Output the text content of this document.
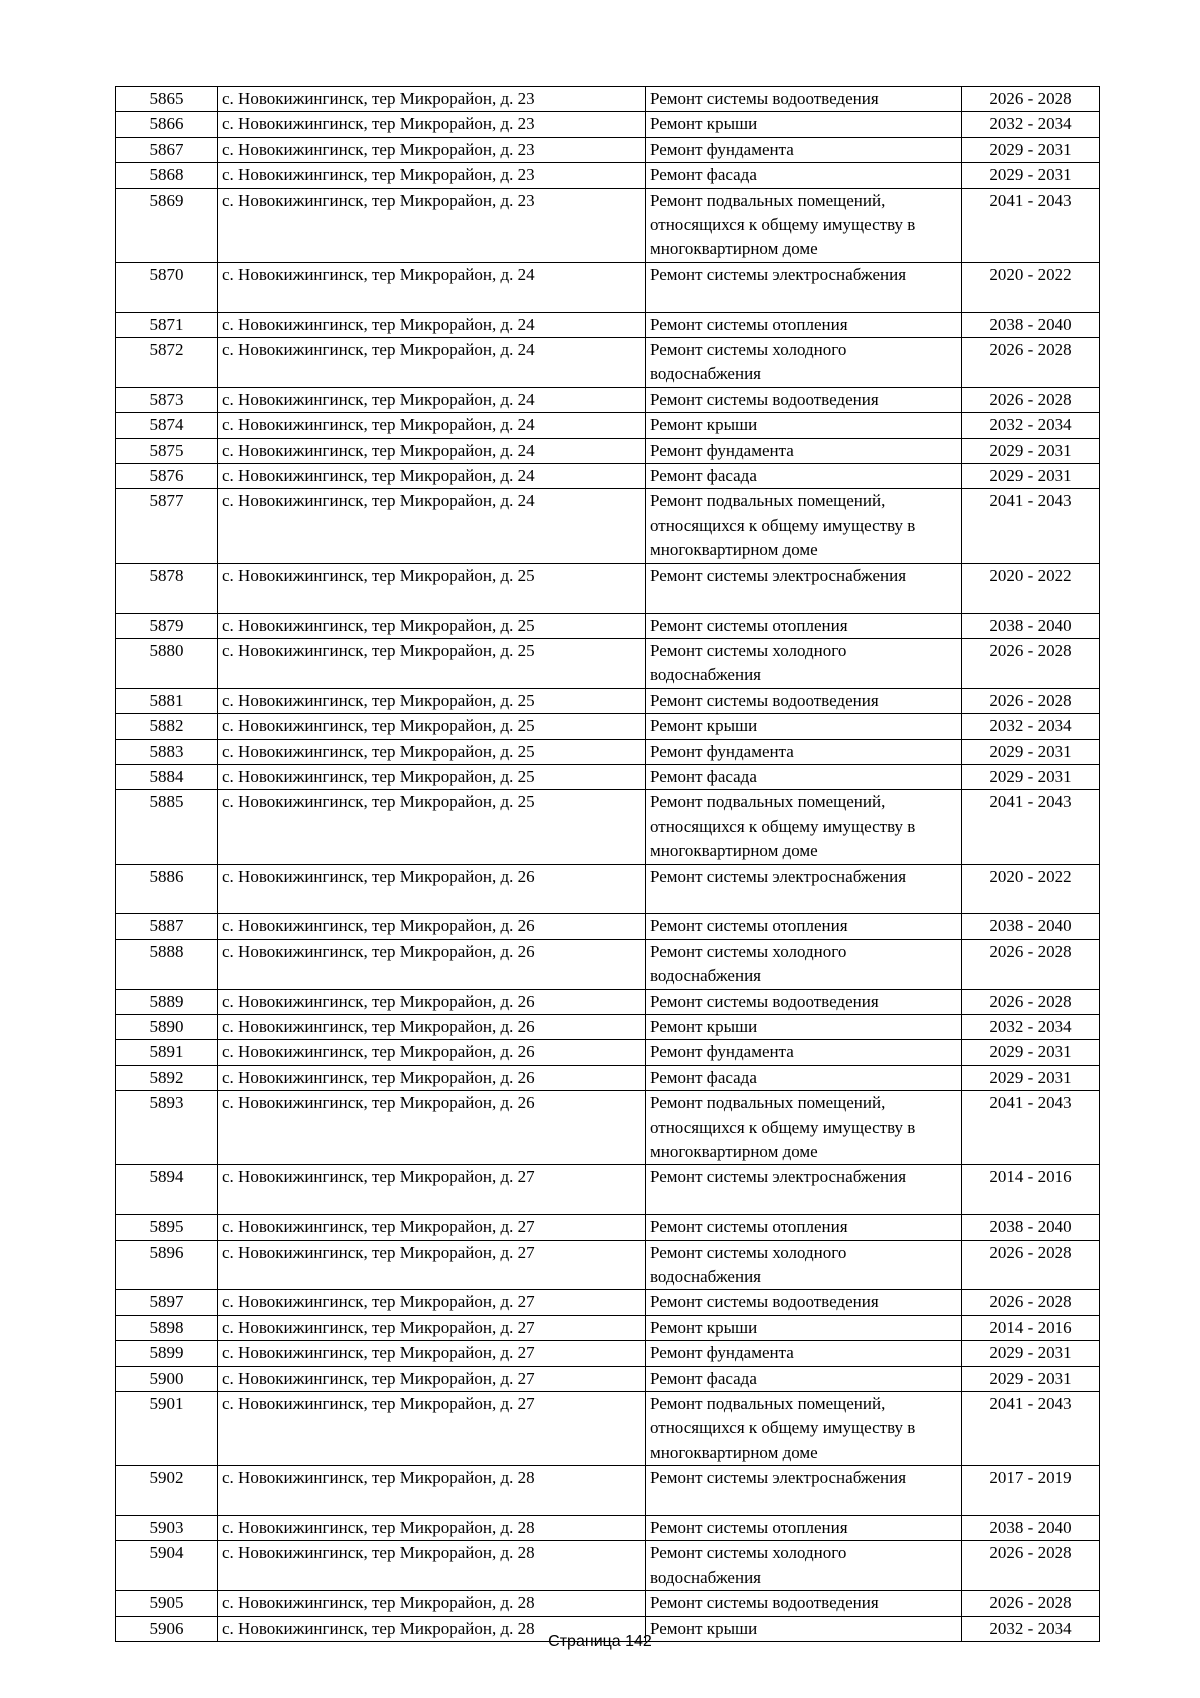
5865	с. Новокижингинск, тер Микрорайон, д. 23	Ремонт системы водоотведения	2026 - 2028
5866	с. Новокижингинск, тер Микрорайон, д. 23	Ремонт крыши	2032 - 2034
5867	с. Новокижингинск, тер Микрорайон, д. 23	Ремонт фундамента	2029 - 2031
5868	с. Новокижингинск, тер Микрорайон, д. 23	Ремонт фасада	2029 - 2031
5869	с. Новокижингинск, тер Микрорайон, д. 23	Ремонт подвальных помещений, относящихся к общему имуществу в многоквартирном доме	2041 - 2043
5870	с. Новокижингинск, тер Микрорайон, д. 24	Ремонт системы электроснабжения	2020 - 2022
5871	с. Новокижингинск, тер Микрорайон, д. 24	Ремонт системы отопления	2038 - 2040
5872	с. Новокижингинск, тер Микрорайон, д. 24	Ремонт системы холодного водоснабжения	2026 - 2028
5873	с. Новокижингинск, тер Микрорайон, д. 24	Ремонт системы водоотведения	2026 - 2028
5874	с. Новокижингинск, тер Микрорайон, д. 24	Ремонт крыши	2032 - 2034
5875	с. Новокижингинск, тер Микрорайон, д. 24	Ремонт фундамента	2029 - 2031
5876	с. Новокижингинск, тер Микрорайон, д. 24	Ремонт фасада	2029 - 2031
5877	с. Новокижингинск, тер Микрорайон, д. 24	Ремонт подвальных помещений, относящихся к общему имуществу в многоквартирном доме	2041 - 2043
5878	с. Новокижингинск, тер Микрорайон, д. 25	Ремонт системы электроснабжения	2020 - 2022
5879	с. Новокижингинск, тер Микрорайон, д. 25	Ремонт системы отопления	2038 - 2040
5880	с. Новокижингинск, тер Микрорайон, д. 25	Ремонт системы холодного водоснабжения	2026 - 2028
5881	с. Новокижингинск, тер Микрорайон, д. 25	Ремонт системы водоотведения	2026 - 2028
5882	с. Новокижингинск, тер Микрорайон, д. 25	Ремонт крыши	2032 - 2034
5883	с. Новокижингинск, тер Микрорайон, д. 25	Ремонт фундамента	2029 - 2031
5884	с. Новокижингинск, тер Микрорайон, д. 25	Ремонт фасада	2029 - 2031
5885	с. Новокижингинск, тер Микрорайон, д. 25	Ремонт подвальных помещений, относящихся к общему имуществу в многоквартирном доме	2041 - 2043
5886	с. Новокижингинск, тер Микрорайон, д. 26	Ремонт системы электроснабжения	2020 - 2022
5887	с. Новокижингинск, тер Микрорайон, д. 26	Ремонт системы отопления	2038 - 2040
5888	с. Новокижингинск, тер Микрорайон, д. 26	Ремонт системы холодного водоснабжения	2026 - 2028
5889	с. Новокижингинск, тер Микрорайон, д. 26	Ремонт системы водоотведения	2026 - 2028
5890	с. Новокижингинск, тер Микрорайон, д. 26	Ремонт крыши	2032 - 2034
5891	с. Новокижингинск, тер Микрорайон, д. 26	Ремонт фундамента	2029 - 2031
5892	с. Новокижингинск, тер Микрорайон, д. 26	Ремонт фасада	2029 - 2031
5893	с. Новокижингинск, тер Микрорайон, д. 26	Ремонт подвальных помещений, относящихся к общему имуществу в многоквартирном доме	2041 - 2043
5894	с. Новокижингинск, тер Микрорайон, д. 27	Ремонт системы электроснабжения	2014 - 2016
5895	с. Новокижингинск, тер Микрорайон, д. 27	Ремонт системы отопления	2038 - 2040
5896	с. Новокижингинск, тер Микрорайон, д. 27	Ремонт системы холодного водоснабжения	2026 - 2028
5897	с. Новокижингинск, тер Микрорайон, д. 27	Ремонт системы водоотведения	2026 - 2028
5898	с. Новокижингинск, тер Микрорайон, д. 27	Ремонт крыши	2014 - 2016
5899	с. Новокижингинск, тер Микрорайон, д. 27	Ремонт фундамента	2029 - 2031
5900	с. Новокижингинск, тер Микрорайон, д. 27	Ремонт фасада	2029 - 2031
5901	с. Новокижингинск, тер Микрорайон, д. 27	Ремонт подвальных помещений, относящихся к общему имуществу в многоквартирном доме	2041 - 2043
5902	с. Новокижингинск, тер Микрорайон, д. 28	Ремонт системы электроснабжения	2017 - 2019
5903	с. Новокижингинск, тер Микрорайон, д. 28	Ремонт системы отопления	2038 - 2040
5904	с. Новокижингинск, тер Микрорайон, д. 28	Ремонт системы холодного водоснабжения	2026 - 2028
5905	с. Новокижингинск, тер Микрорайон, д. 28	Ремонт системы водоотведения	2026 - 2028
5906	с. Новокижингинск, тер Микрорайон, д. 28	Ремонт крыши	2032 - 2034
Страница 142
